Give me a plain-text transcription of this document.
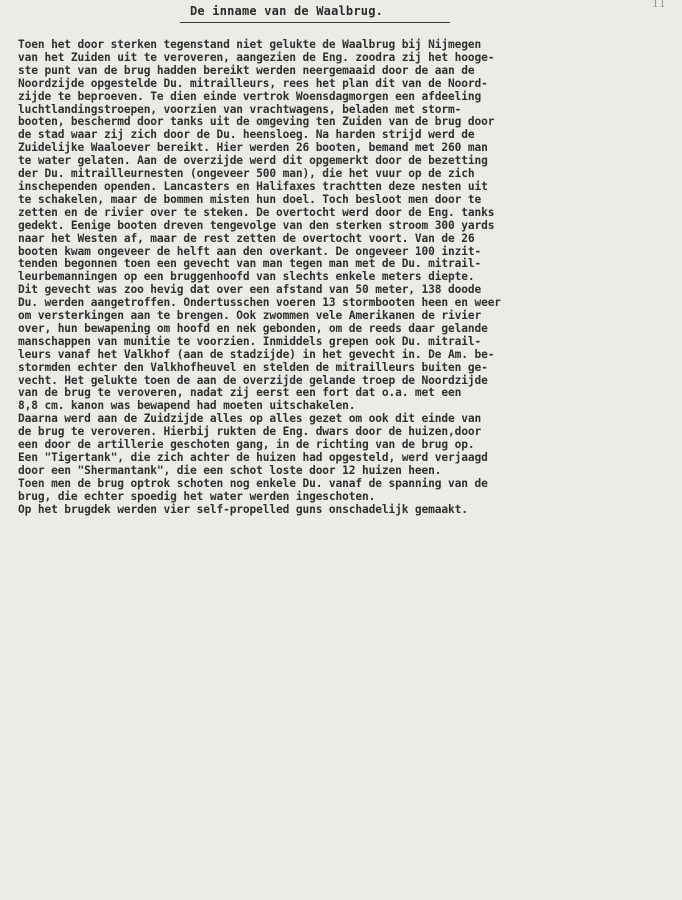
11
De inname van de Waalbrug.
Toen het door sterken tegenstand niet gelukte de Waalbrug bij Nijmegen
van het Zuiden uit te veroveren, aangezien de Eng. zoodra zij het hooge-
ste punt van de brug hadden bereikt werden neergemaaid door de aan de
Noordzijde opgestelde Du. mitrailleurs, rees het plan dit van de Noord-
zijde te beproeven. Te dien einde vertrok Woensdagmorgen een afdeeling
luchtlandingstroepen, voorzien van vrachtwagens, beladen met storm-
booten, beschermd door tanks uit de omgeving ten Zuiden van de brug door
de stad waar zij zich door de Du. heensloeg. Na harden strijd werd de
Zuidelijke Waaloever bereikt. Hier werden 26 booten, bemand met 260 man
te water gelaten. Aan de overzijde werd dit opgemerkt door de bezetting
der Du. mitrailleurnesten (ongeveer 500 man), die het vuur op de zich
inschependen openden. Lancasters en Halifaxes trachtten deze nesten uit
te schakelen, maar de bommen misten hun doel. Toch besloot men door te
zetten en de rivier over te steken. De overtocht werd door de Eng. tanks
gedekt. Eenige booten dreven tengevolge van den sterken stroom 300 yards
naar het Westen af, maar de rest zetten de overtocht voort. Van de 26
booten kwam ongeveer de helft aan den overkant. De ongeveer 100 inzit-
tenden begonnen toen een gevecht van man tegen man met de Du. mitrail-
leurbemanningen op een bruggenhoofd van slechts enkele meters diepte.
Dit gevecht was zoo hevig dat over een afstand van 50 meter, 138 doode
Du. werden aangetroffen. Ondertusschen voeren 13 stormbooten heen en weer
om versterkingen aan te brengen. Ook zwommen vele Amerikanen de rivier
over, hun bewapening om hoofd en nek gebonden, om de reeds daar gelande
manschappen van munitie te voorzien. Inmiddels grepen ook Du. mitrail-
leurs vanaf het Valkhof (aan de stadzijde) in het gevecht in. De Am. be-
stormden echter den Valkhofheuvel en stelden de mitrailleurs buiten ge-
vecht. Het gelukte toen de aan de overzijde gelande troep de Noordzijde
van de brug te veroveren, nadat zij eerst een fort dat o.a. met een
8,8 cm. kanon was bewapend had moeten uitschakelen.
Daarna werd aan de Zuidzijde alles op alles gezet om ook dit einde van
de brug te veroveren. Hierbij rukten de Eng. dwars door de huizen,door
een door de artillerie geschoten gang, in de richting van de brug op.
Een "Tigertank", die zich achter de huizen had opgesteld, werd verjaagd
door een "Shermantank", die een schot loste door 12 huizen heen.
Toen men de brug optrok schoten nog enkele Du. vanaf de spanning van de
brug, die echter spoedig het water werden ingeschoten.
Op het brugdek werden vier self-propelled guns onschadelijk gemaakt.
